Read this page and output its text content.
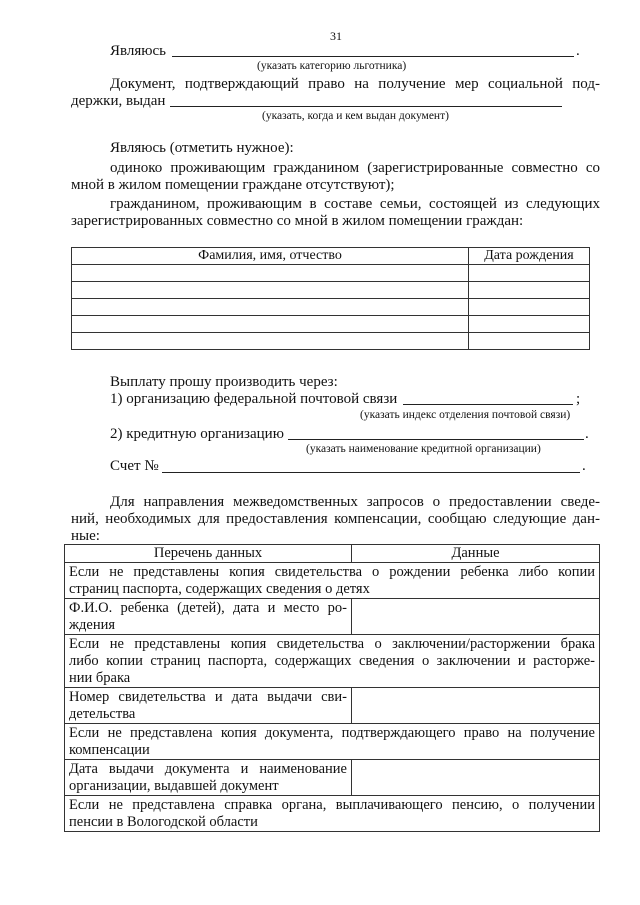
31
Являюсь	.
(указать категорию льготника)
Документ, подтверждающий право на получение мер социальной под-
держки, выдан
(указать, когда и кем выдан документ)
Являюсь (отметить нужное):
одиноко проживающим гражданином (зарегистрированные совместно со
мной в жилом помещении граждане отсутствуют);
гражданином, проживающим в составе семьи, состоящей из следующих
зарегистрированных совместно со мной в жилом помещении граждан:
Фамилия, имя, отчество	Дата рождения

Выплату прошу производить через:
1) организацию федеральной почтовой связи	;
(указать индекс отделения почтовой связи)
2) кредитную организацию	.
(указать наименование кредитной организации)
Счет №	.
Для направления межведомственных запросов о предоставлении сведе-
ний, необходимых для предоставления компенсации, сообщаю следующие дан-
ные:
Перечень данных	Данные

Если не представлены копия свидетельства о рождении ребенка либо копии
страниц паспорта, содержащих сведения о детях	

Ф.И.О. ребенка (детей), дата и место ро-
ждения	

Если не представлены копия свидетельства о заключении/расторжении брака
либо копии страниц паспорта, содержащих сведения о заключении и расторже-
нии брака	

Номер свидетельства и дата выдачи сви-
детельства	

Если не представлена копия документа, подтверждающего право на получение
компенсации	

Дата выдачи документа и наименование
организации, выдавшей документ	

Если не представлена справка органа, выплачивающего пенсию, о получении
пенсии в Вологодской области	
